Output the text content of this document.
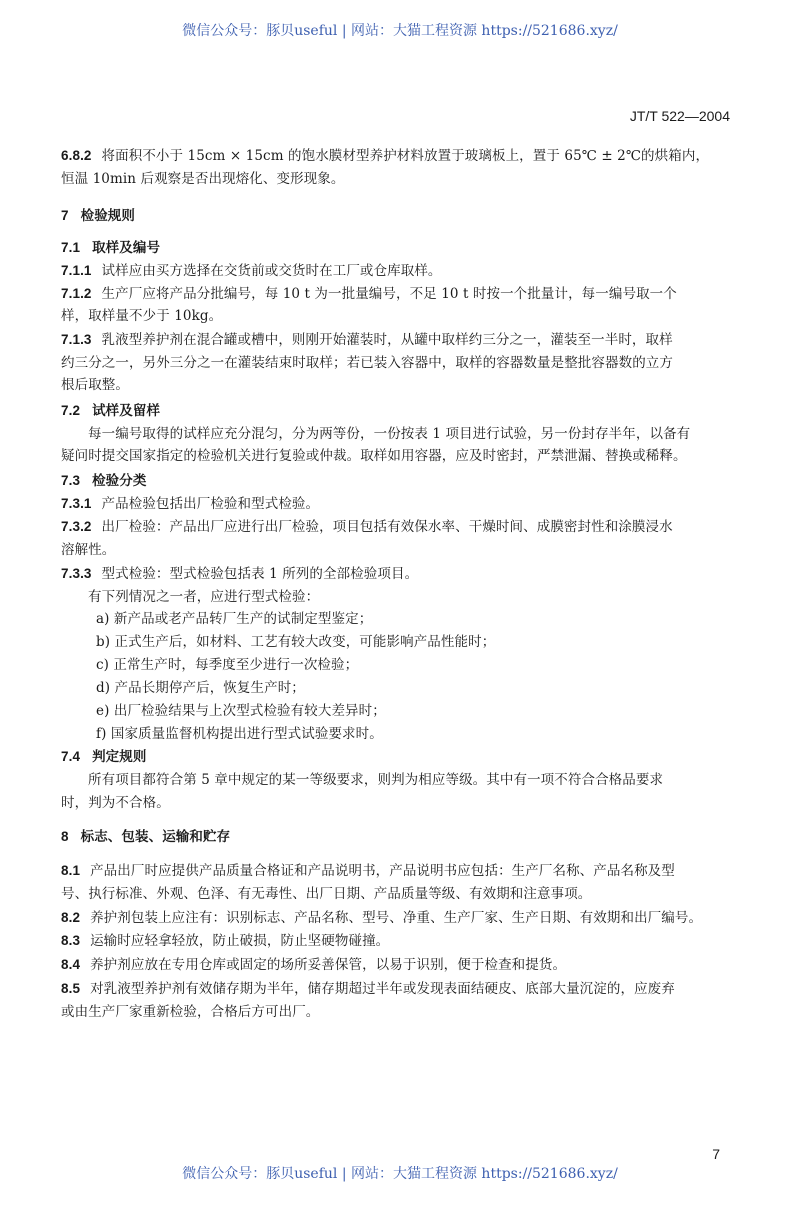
微信公众号：豚贝useful | 网站：大猫工程资源 https://521686.xyz/
JT/T 522—2004
6.8.2 将面积不小于 15cm × 15cm 的饱水膜材型养护材料放置于玻璃板上，置于 65℃ ± 2℃的烘箱内，
恒温 10min 后观察是否出现熔化、变形现象。
7 检验规则
7.1 取样及编号
7.1.1 试样应由买方选择在交货前或交货时在工厂或仓库取样。
7.1.2 生产厂应将产品分批编号，每 10 t 为一批量编号，不足 10 t 时按一个批量计，每一编号取一个
样，取样量不少于 10kg。
7.1.3 乳液型养护剂在混合罐或槽中，则刚开始灌装时，从罐中取样约三分之一，灌装至一半时，取样
约三分之一，另外三分之一在灌装结束时取样；若已装入容器中，取样的容器数量是整批容器数的立方
根后取整。
7.2 试样及留样
每一编号取得的试样应充分混匀，分为两等份，一份按表 1 项目进行试验，另一份封存半年，以备有
疑问时提交国家指定的检验机关进行复验或仲裁。取样如用容器，应及时密封，严禁泄漏、替换或稀释。
7.3 检验分类
7.3.1 产品检验包括出厂检验和型式检验。
7.3.2 出厂检验：产品出厂应进行出厂检验，项目包括有效保水率、干燥时间、成膜密封性和涂膜浸水
溶解性。
7.3.3 型式检验：型式检验包括表 1 所列的全部检验项目。
有下列情况之一者，应进行型式检验：
a) 新产品或老产品转厂生产的试制定型鉴定；
b) 正式生产后，如材料、工艺有较大改变，可能影响产品性能时；
c) 正常生产时，每季度至少进行一次检验；
d) 产品长期停产后，恢复生产时；
e) 出厂检验结果与上次型式检验有较大差异时；
f) 国家质量监督机构提出进行型式试验要求时。
7.4 判定规则
所有项目都符合第 5 章中规定的某一等级要求，则判为相应等级。其中有一项不符合合格品要求
时，判为不合格。
8 标志、包装、运输和贮存
8.1 产品出厂时应提供产品质量合格证和产品说明书，产品说明书应包括：生产厂名称、产品名称及型
号、执行标准、外观、色泽、有无毒性、出厂日期、产品质量等级、有效期和注意事项。
8.2 养护剂包装上应注有：识别标志、产品名称、型号、净重、生产厂家、生产日期、有效期和出厂编号。
8.3 运输时应轻拿轻放，防止破损，防止坚硬物碰撞。
8.4 养护剂应放在专用仓库或固定的场所妥善保管，以易于识别，便于检查和提货。
8.5 对乳液型养护剂有效储存期为半年，储存期超过半年或发现表面结硬皮、底部大量沉淀的，应废弃
或由生产厂家重新检验，合格后方可出厂。
7
微信公众号：豚贝useful | 网站：大猫工程资源 https://521686.xyz/
